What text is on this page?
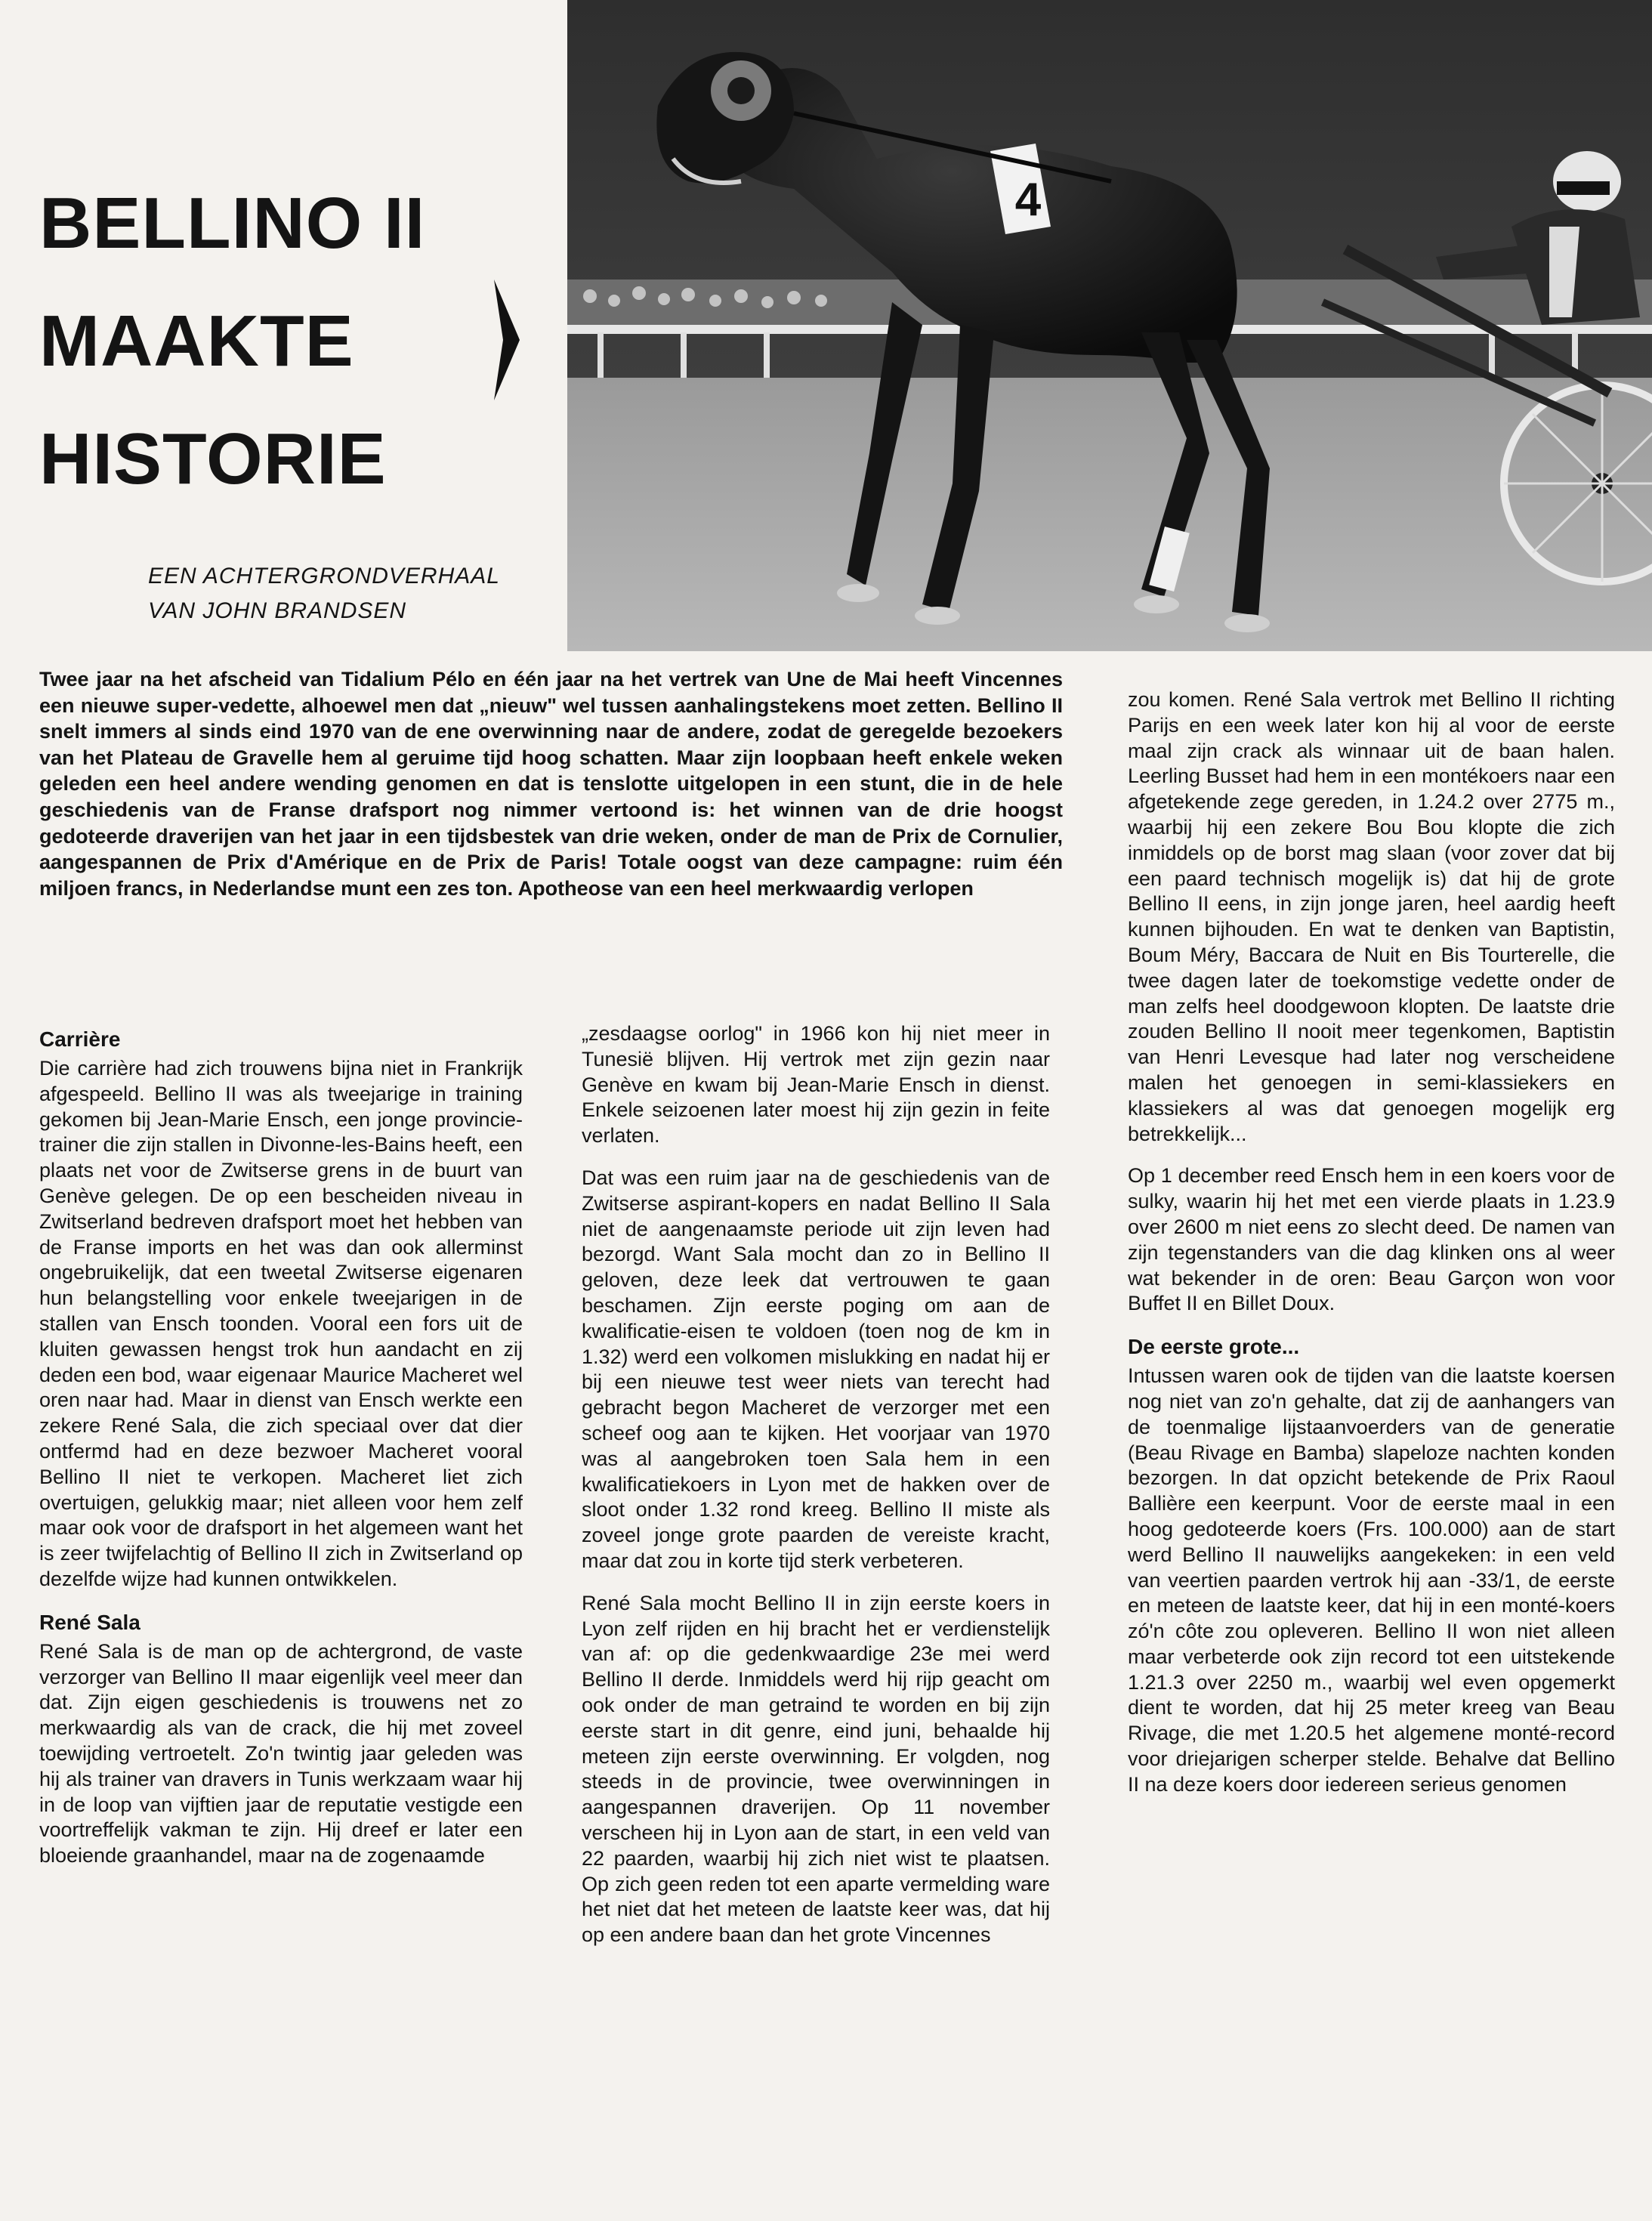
BELLINO II
MAAKTE
HISTORIE
EEN ACHTERGRONDVERHAAL
VAN JOHN BRANDSEN
4

Twee jaar na het afscheid van Tidalium Pélo en één jaar na het vertrek van Une de Mai heeft Vincennes een nieuwe super-vedette, alhoewel men dat „nieuw" wel tussen aanhalingstekens moet zetten. Bellino II snelt immers al sinds eind 1970 van de ene overwinning naar de andere, zodat de geregelde bezoekers van het Plateau de Gravelle hem al geruime tijd hoog schatten. Maar zijn loopbaan heeft enkele weken geleden een heel andere wending genomen en dat is tenslotte uitgelopen in een stunt, die in de hele geschiedenis van de Franse drafsport nog nimmer vertoond is: het winnen van de drie hoogst gedoteerde draverijen van het jaar in een tijdsbestek van drie weken, onder de man de Prix de Cornulier, aangespannen de Prix d'Amérique en de Prix de Paris! Totale oogst van deze campagne: ruim één miljoen francs, in Nederlandse munt een zes ton. Apotheose van een heel merkwaardig verlopen

Carrière

Die carrière had zich trouwens bijna niet in Frankrijk afgespeeld. Bellino II was als tweejarige in training gekomen bij Jean-Marie Ensch, een jonge provincie-trainer die zijn stallen in Divonne-les-Bains heeft, een plaats net voor de Zwitserse grens in de buurt van Genève gelegen. De op een bescheiden niveau in Zwitserland bedreven drafsport moet het hebben van de Franse imports en het was dan ook allerminst ongebruikelijk, dat een tweetal Zwitserse eigenaren hun belangstelling voor enkele tweejarigen in de stallen van Ensch toonden. Vooral een fors uit de kluiten gewassen hengst trok hun aandacht en zij deden een bod, waar eigenaar Maurice Macheret wel oren naar had. Maar in dienst van Ensch werkte een zekere René Sala, die zich speciaal over dat dier ontfermd had en deze bezwoer Macheret vooral Bellino II niet te verkopen. Macheret liet zich overtuigen, gelukkig maar; niet alleen voor hem zelf maar ook voor de drafsport in het algemeen want het is zeer twijfelachtig of Bellino II zich in Zwitserland op dezelfde wijze had kunnen ontwikkelen.

René Sala

René Sala is de man op de achtergrond, de vaste verzorger van Bellino II maar eigenlijk veel meer dan dat. Zijn eigen geschiedenis is trouwens net zo merkwaardig als van de crack, die hij met zoveel toewijding vertroetelt. Zo'n twintig jaar geleden was hij als trainer van dravers in Tunis werkzaam waar hij in de loop van vijftien jaar de reputatie vestigde een voortreffelijk vakman te zijn. Hij dreef er later een bloeiende graanhandel, maar na de zogenaamde

„zesdaagse oorlog" in 1966 kon hij niet meer in Tunesië blijven. Hij vertrok met zijn gezin naar Genève en kwam bij Jean-Marie Ensch in dienst. Enkele seizoenen later moest hij zijn gezin in feite verlaten.

Dat was een ruim jaar na de geschiedenis van de Zwitserse aspirant-kopers en nadat Bellino II Sala niet de aangenaamste periode uit zijn leven had bezorgd. Want Sala mocht dan zo in Bellino II geloven, deze leek dat vertrouwen te gaan beschamen. Zijn eerste poging om aan de kwalificatie-eisen te voldoen (toen nog de km in 1.32) werd een volkomen mislukking en nadat hij er bij een nieuwe test weer niets van terecht had gebracht begon Macheret de verzorger met een scheef oog aan te kijken. Het voorjaar van 1970 was al aangebroken toen Sala hem in een kwalificatiekoers in Lyon met de hakken over de sloot onder 1.32 rond kreeg. Bellino II miste als zoveel jonge grote paarden de vereiste kracht, maar dat zou in korte tijd sterk verbeteren.

René Sala mocht Bellino II in zijn eerste koers in Lyon zelf rijden en hij bracht het er verdienstelijk van af: op die gedenkwaardige 23e mei werd Bellino II derde. Inmiddels werd hij rijp geacht om ook onder de man getraind te worden en bij zijn eerste start in dit genre, eind juni, behaalde hij meteen zijn eerste overwinning. Er volgden, nog steeds in de provincie, twee overwinningen in aangespannen draverijen. Op 11 november verscheen hij in Lyon aan de start, in een veld van 22 paarden, waarbij hij zich niet wist te plaatsen. Op zich geen reden tot een aparte vermelding ware het niet dat het meteen de laatste keer was, dat hij op een andere baan dan het grote Vincennes

zou komen. René Sala vertrok met Bellino II richting Parijs en een week later kon hij al voor de eerste maal zijn crack als winnaar uit de baan halen. Leerling Busset had hem in een montékoers naar een afgetekende zege gereden, in 1.24.2 over 2775 m., waarbij hij een zekere Bou Bou klopte die zich inmiddels op de borst mag slaan (voor zover dat bij een paard technisch mogelijk is) dat hij de grote Bellino II eens, in zijn jonge jaren, heel aardig heeft kunnen bijhouden. En wat te denken van Baptistin, Boum Méry, Baccara de Nuit en Bis Tourterelle, die twee dagen later de toekomstige vedette onder de man zelfs heel doodgewoon klopten. De laatste drie zouden Bellino II nooit meer tegenkomen, Baptistin van Henri Levesque had later nog verscheidene malen het genoegen in semi-klassiekers en klassiekers al was dat genoegen mogelijk erg betrekkelijk...

Op 1 december reed Ensch hem in een koers voor de sulky, waarin hij het met een vierde plaats in 1.23.9 over 2600 m niet eens zo slecht deed. De namen van zijn tegenstanders van die dag klinken ons al weer wat bekender in de oren: Beau Garçon won voor Buffet II en Billet Doux.

De eerste grote...

Intussen waren ook de tijden van die laatste koersen nog niet van zo'n gehalte, dat zij de aanhangers van de toenmalige lijstaanvoerders van de generatie (Beau Rivage en Bamba) slapeloze nachten konden bezorgen. In dat opzicht betekende de Prix Raoul Ballière een keerpunt. Voor de eerste maal in een hoog gedoteerde koers (Frs. 100.000) aan de start werd Bellino II nauwelijks aangekeken: in een veld van veertien paarden vertrok hij aan -33/1, de eerste en meteen de laatste keer, dat hij in een monté-koers zó'n côte zou opleveren. Bellino II won niet alleen maar verbeterde ook zijn record tot een uitstekende 1.21.3 over 2250 m., waarbij wel even opgemerkt dient te worden, dat hij 25 meter kreeg van Beau Rivage, die met 1.20.5 het algemene monté-record voor driejarigen scherper stelde. Behalve dat Bellino II na deze koers door iedereen serieus genomen
